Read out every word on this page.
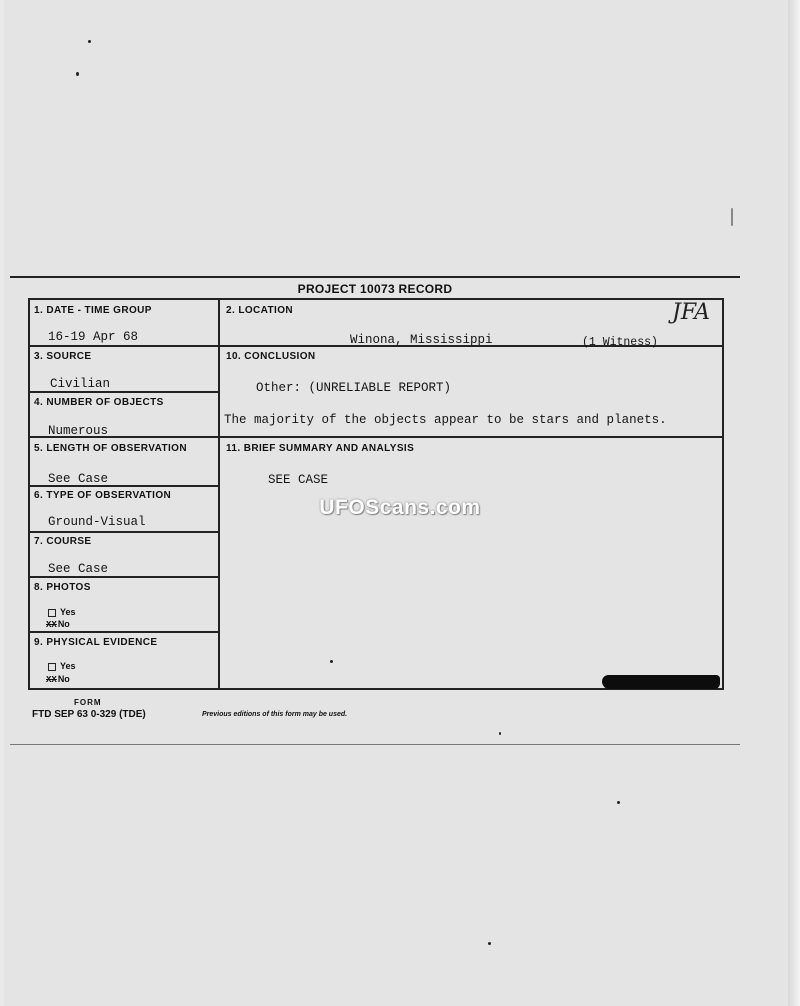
PROJECT 10073 RECORD
1. DATE - TIME GROUP
16-19 Apr 68
2. LOCATION
Winona, Mississippi	(1 Witness)
JFA
3. SOURCE
Civilian
4. NUMBER OF OBJECTS
Numerous
10. CONCLUSION
Other: (UNRELIABLE REPORT)
The majority of the objects appear to be stars and planets.
5. LENGTH OF OBSERVATION
See Case
11. BRIEF SUMMARY AND ANALYSIS
SEE CASE
6. TYPE OF OBSERVATION
Ground-Visual
7. COURSE
See Case
8. PHOTOS
Yes
XXNo
9. PHYSICAL EVIDENCE
Yes
XXNo
FORM
FTD SEP 63 0-329 (TDE)	Previous editions of this form may be used.
UFOScans.com
